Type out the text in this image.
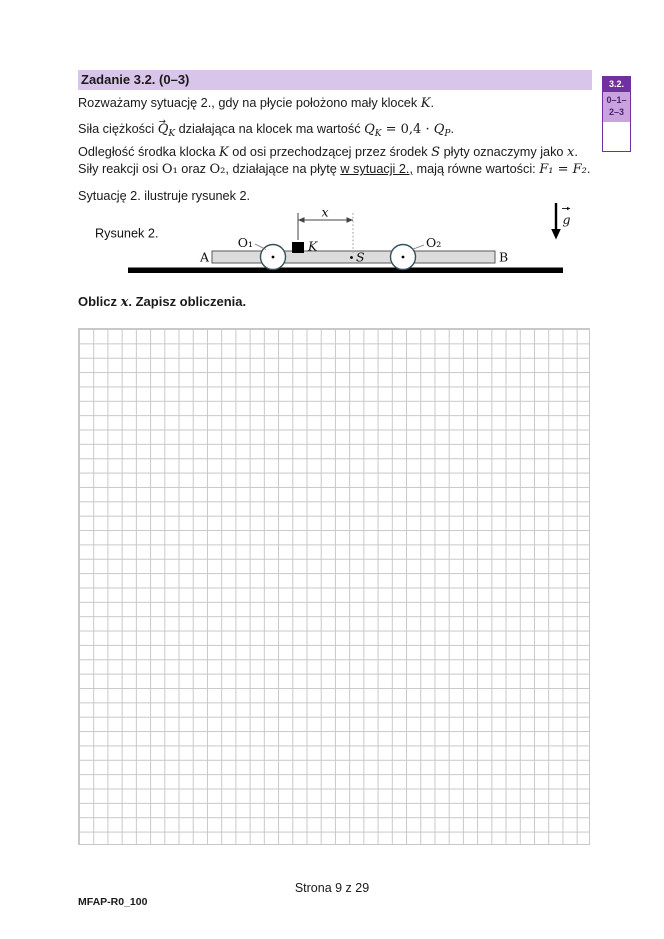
Zadanie 3.2. (0–3)	3.2.
0–1–
2–3

Rozważamy sytuację 2., gdy na płycie położono mały klocek K.

Siła ciężkości → $Q_K$ działająca na klocek ma wartość $Q_K = 0,4 \cdot Q_P$.

Odległość środka klocka K od osi przechodzącej przez środek S płyty oznaczymy jako x.

Siły reakcji osi O₁ oraz O₂, działające na płytę w sytuacji 2., mają równe wartości: F₁ = F₂.

Sytuację 2. ilustruje rysunek 2.

Rysunek 2.
A	B
O₁	O₂
K
S
x	g

Oblicz x. Zapisz obliczenia.

Strona 9 z 29
MFAP-R0_100
